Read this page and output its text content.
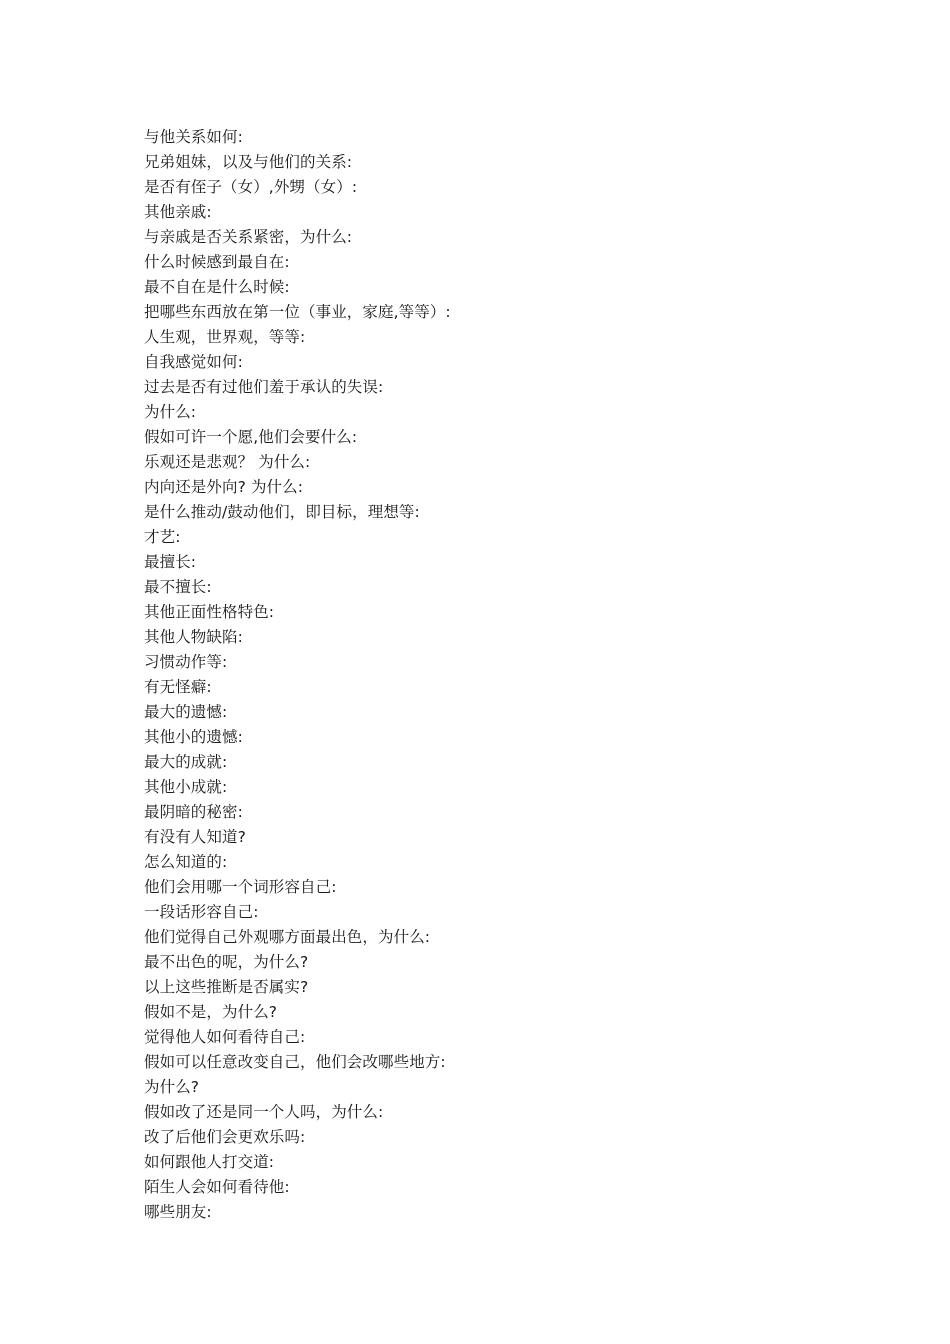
与他关系如何:
兄弟姐妹，以及与他们的关系:
是否有侄子（女）,外甥（女）:
其他亲戚:
与亲戚是否关系紧密，为什么:
什么时候感到最自在:
最不自在是什么时候:
把哪些东西放在第一位（事业，家庭,等等）:
人生观，世界观，等等:
自我感觉如何:
过去是否有过他们羞于承认的失误:
为什么:
假如可许一个愿,他们会要什么:
乐观还是悲观？ 为什么:
内向还是外向? 为什么:
是什么推动/鼓动他们，即目标，理想等:
才艺:
最擅长:
最不擅长:
其他正面性格特色:
其他人物缺陷:
习惯动作等:
有无怪癖:
最大的遗憾:
其他小的遗憾:
最大的成就:
其他小成就:
最阴暗的秘密:
有没有人知道?
怎么知道的:
他们会用哪一个词形容自己:
一段话形容自己:
他们觉得自己外观哪方面最出色，为什么:
最不出色的呢，为什么?
以上这些推断是否属实?
假如不是，为什么?
觉得他人如何看待自己:
假如可以任意改变自己，他们会改哪些地方:
为什么?
假如改了还是同一个人吗，为什么:
改了后他们会更欢乐吗:
如何跟他人打交道:
陌生人会如何看待他:
哪些朋友:
